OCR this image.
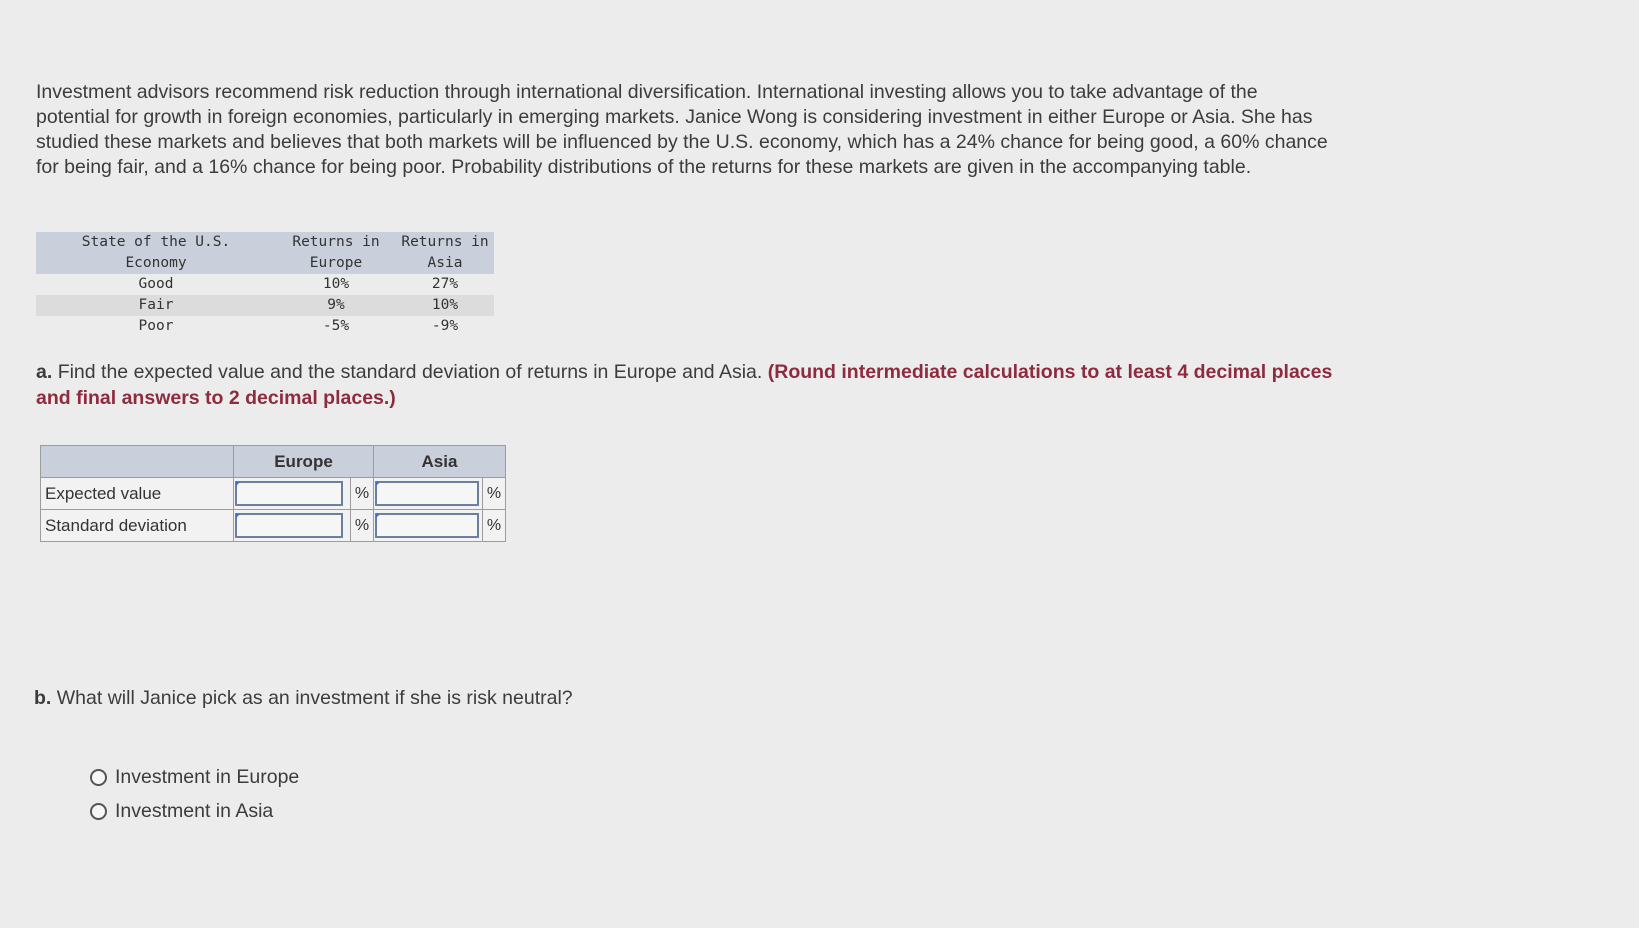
Investment advisors recommend risk reduction through international diversification. International investing allows you to take advantage of the potential for growth in foreign economies, particularly in emerging markets. Janice Wong is considering investment in either Europe or Asia. She has studied these markets and believes that both markets will be influenced by the U.S. economy, which has a 24% chance for being good, a 60% chance for being fair, and a 16% chance for being poor. Probability distributions of the returns for these markets are given in the accompanying table.
State of the U.S.	Returns in	Returns in
Economy	Europe	Asia
Good	10%	27%
Fair	9%	10%
Poor	-5%	-9%
a. Find the expected value and the standard deviation of returns in Europe and Asia. (Round intermediate calculations to at least 4 decimal places and final answers to 2 decimal places.)
	Europe		Asia	
Expected value		%		%
Standard deviation		%		%
b. What will Janice pick as an investment if she is risk neutral?
Investment in Europe
Investment in Asia
